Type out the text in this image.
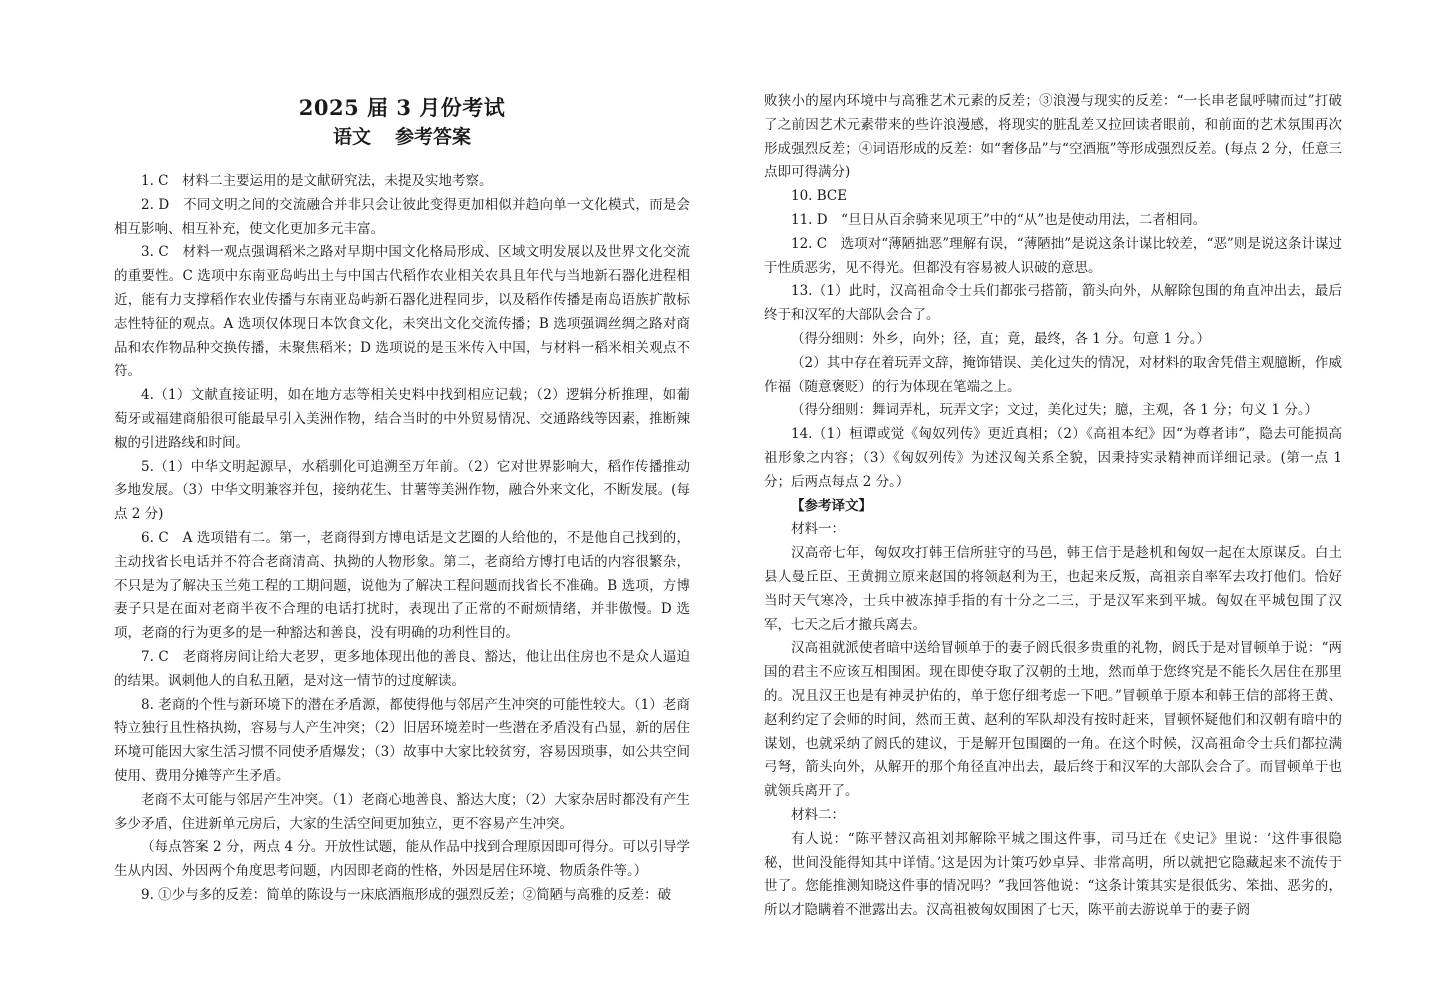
2025 届 3 月份考试
语文 参考答案

1. C　材料二主要运用的是文献研究法，未提及实地考察。

2. D　不同文明之间的交流融合并非只会让彼此变得更加相似并趋向单一文化模式，而是会相互影响、相互补充，使文化更加多元丰富。

3. C　材料一观点强调稻米之路对早期中国文化格局形成、区域文明发展以及世界文化交流的重要性。C 选项中东南亚岛屿出土与中国古代稻作农业相关农具且年代与当地新石器化进程相近，能有力支撑稻作农业传播与东南亚岛屿新石器化进程同步，以及稻作传播是南岛语族扩散标志性特征的观点。A 选项仅体现日本饮食文化，未突出文化交流传播；B 选项强调丝绸之路对商品和农作物品种交换传播，未聚焦稻米；D 选项说的是玉米传入中国，与材料一稻米相关观点不符。

4.（1）文献直接证明，如在地方志等相关史料中找到相应记载；（2）逻辑分析推理，如葡萄牙或福建商船很可能最早引入美洲作物，结合当时的中外贸易情况、交通路线等因素，推断辣椒的引进路线和时间。

5.（1）中华文明起源早，水稻驯化可追溯至万年前。（2）它对世界影响大，稻作传播推动多地发展。（3）中华文明兼容并包，接纳花生、甘薯等美洲作物，融合外来文化，不断发展。(每点 2 分)

6. C　A 选项错有二。第一，老商得到方博电话是文艺圈的人给他的，不是他自己找到的，主动找省长电话并不符合老商清高、执拗的人物形象。第二，老商给方博打电话的内容很繁杂，不只是为了解决玉兰苑工程的工期问题，说他为了解决工程问题而找省长不准确。B 选项，方博妻子只是在面对老商半夜不合理的电话打扰时，表现出了正常的不耐烦情绪，并非傲慢。D 选项，老商的行为更多的是一种豁达和善良，没有明确的功利性目的。

7. C　老商将房间让给大老罗，更多地体现出他的善良、豁达，他让出住房也不是众人逼迫的结果。讽刺他人的自私丑陋，是对这一情节的过度解读。

8. 老商的个性与新环境下的潜在矛盾源，都使得他与邻居产生冲突的可能性较大。（1）老商特立独行且性格执拗，容易与人产生冲突；（2）旧居环境差时一些潜在矛盾没有凸显，新的居住环境可能因大家生活习惯不同使矛盾爆发；（3）故事中大家比较贫穷，容易因琐事，如公共空间使用、费用分摊等产生矛盾。

老商不太可能与邻居产生冲突。（1）老商心地善良、豁达大度；（2）大家杂居时都没有产生多少矛盾，住进新单元房后，大家的生活空间更加独立，更不容易产生冲突。

（每点答案 2 分，两点 4 分。开放性试题，能从作品中找到合理原因即可得分。可以引导学生从内因、外因两个角度思考问题，内因即老商的性格，外因是居住环境、物质条件等。）

9. ①少与多的反差：简单的陈设与一床底酒瓶形成的强烈反差；②简陋与高雅的反差：破

败狭小的屋内环境中与高雅艺术元素的反差；③浪漫与现实的反差：“一长串老鼠呼啸而过”打破了之前因艺术元素带来的些许浪漫感，将现实的脏乱差又拉回读者眼前，和前面的艺术氛围再次形成强烈反差；④词语形成的反差：如“奢侈品”与“空酒瓶”等形成强烈反差。(每点 2 分，任意三点即可得满分)

10. BCE

11. D　“旦日从百余骑来见项王”中的“从”也是使动用法，二者相同。

12. C　选项对“薄陋拙恶”理解有误，“薄陋拙”是说这条计谋比较差，“恶”则是说这条计谋过于性质恶劣，见不得光。但都没有容易被人识破的意思。

13.（1）此时，汉高祖命令士兵们都张弓搭箭，箭头向外，从解除包围的角直冲出去，最后终于和汉军的大部队会合了。

（得分细则：外乡，向外；径，直；竟，最终，各 1 分。句意 1 分。）

（2）其中存在着玩弄文辞，掩饰错误、美化过失的情况，对材料的取舍凭借主观臆断，作威作福（随意褒贬）的行为体现在笔端之上。

（得分细则：舞词弄札，玩弄文字；文过，美化过失；臆，主观，各 1 分；句义 1 分。）

14.（1）桓谭或觉《匈奴列传》更近真相；（2）《高祖本纪》因“为尊者讳”，隐去可能损高祖形象之内容；（3）《匈奴列传》为述汉匈关系全貌，因秉持实录精神而详细记录。(第一点 1 分；后两点每点 2 分。）

【参考译文】

材料一：

汉高帝七年，匈奴攻打韩王信所驻守的马邑，韩王信于是趁机和匈奴一起在太原谋反。白土县人曼丘臣、王黄拥立原来赵国的将领赵利为王，也起来反叛，高祖亲自率军去攻打他们。恰好当时天气寒冷，士兵中被冻掉手指的有十分之二三，于是汉军来到平城。匈奴在平城包围了汉军，七天之后才撤兵离去。

汉高祖就派使者暗中送给冒顿单于的妻子阏氏很多贵重的礼物，阏氏于是对冒顿单于说：“两国的君主不应该互相围困。现在即使夺取了汉朝的土地，然而单于您终究是不能长久居住在那里的。况且汉王也是有神灵护佑的，单于您仔细考虑一下吧。”冒顿单于原本和韩王信的部将王黄、赵利约定了会师的时间，然而王黄、赵利的军队却没有按时赶来，冒顿怀疑他们和汉朝有暗中的谋划，也就采纳了阏氏的建议，于是解开包围圈的一角。在这个时候，汉高祖命令士兵们都拉满弓弩，箭头向外，从解开的那个角径直冲出去，最后终于和汉军的大部队会合了。而冒顿单于也就领兵离开了。

材料二：

有人说：“陈平替汉高祖刘邦解除平城之围这件事，司马迁在《史记》里说：‘这件事很隐秘，世间没能得知其中详情。’这是因为计策巧妙卓异、非常高明，所以就把它隐藏起来不流传于世了。您能推测知晓这件事的情况吗？”我回答他说：“这条计策其实是很低劣、笨拙、恶劣的，所以才隐瞒着不泄露出去。汉高祖被匈奴围困了七天，陈平前去游说单于的妻子阏
